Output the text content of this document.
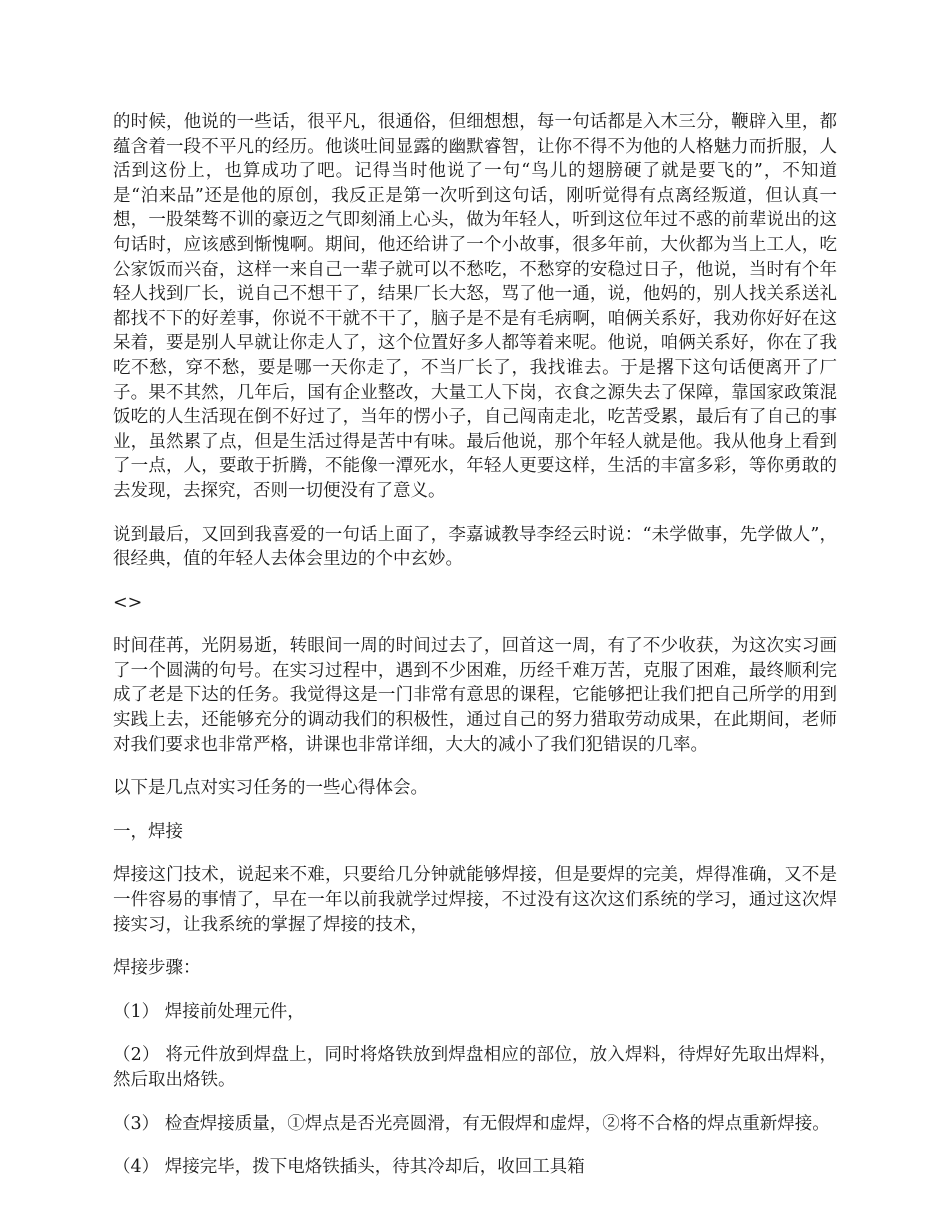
的时候，他说的一些话，很平凡，很通俗，但细想想，每一句话都是入木三分，鞭辟入里，都蕴含着一段不平凡的经历。他谈吐间显露的幽默睿智，让你不得不为他的人格魅力而折服，人活到这份上，也算成功了吧。记得当时他说了一句“鸟儿的翅膀硬了就是要飞的”，不知道是“泊来品”还是他的原创，我反正是第一次听到这句话，刚听觉得有点离经叛道，但认真一想，一股桀骜不训的豪迈之气即刻涌上心头，做为年轻人，听到这位年过不惑的前辈说出的这句话时，应该感到惭愧啊。期间，他还给讲了一个小故事，很多年前，大伙都为当上工人，吃公家饭而兴奋，这样一来自己一辈子就可以不愁吃，不愁穿的安稳过日子，他说，当时有个年轻人找到厂长，说自己不想干了，结果厂长大怒，骂了他一通，说，他妈的，别人找关系送礼都找不下的好差事，你说不干就不干了，脑子是不是有毛病啊，咱俩关系好，我劝你好好在这呆着，要是别人早就让你走人了，这个位置好多人都等着来呢。他说，咱俩关系好，你在了我吃不愁，穿不愁，要是哪一天你走了，不当厂长了，我找谁去。于是撂下这句话便离开了厂子。果不其然，几年后，国有企业整改，大量工人下岗，衣食之源失去了保障，靠国家政策混饭吃的人生活现在倒不好过了，当年的愣小子，自己闯南走北，吃苦受累，最后有了自己的事业，虽然累了点，但是生活过得是苦中有味。最后他说，那个年轻人就是他。我从他身上看到了一点，人，要敢于折腾，不能像一潭死水，年轻人更要这样，生活的丰富多彩，等你勇敢的去发现，去探究，否则一切便没有了意义。

说到最后，又回到我喜爱的一句话上面了，李嘉诚教导李经云时说：“未学做事，先学做人”，很经典，值的年轻人去体会里边的个中玄妙。

<>

时间荏苒，光阴易逝，转眼间一周的时间过去了，回首这一周，有了不少收获，为这次实习画了一个圆满的句号。在实习过程中，遇到不少困难，历经千难万苦，克服了困难，最终顺利完成了老是下达的任务。我觉得这是一门非常有意思的课程，它能够把让我们把自己所学的用到实践上去，还能够充分的调动我们的积极性，通过自己的努力猎取劳动成果，在此期间，老师对我们要求也非常严格，讲课也非常详细，大大的减小了我们犯错误的几率。

以下是几点对实习任务的一些心得体会。

一，焊接

焊接这门技术，说起来不难，只要给几分钟就能够焊接，但是要焊的完美，焊得准确，又不是一件容易的事情了，早在一年以前我就学过焊接，不过没有这次这们系统的学习，通过这次焊接实习，让我系统的掌握了焊接的技术，

焊接步骤：

（1） 焊接前处理元件，

（2） 将元件放到焊盘上，同时将烙铁放到焊盘相应的部位，放入焊料，待焊好先取出焊料，然后取出烙铁。

（3） 检查焊接质量，①焊点是否光亮圆滑，有无假焊和虚焊，②将不合格的焊点重新焊接。

（4） 焊接完毕，拨下电烙铁插头，待其冷却后，收回工具箱
